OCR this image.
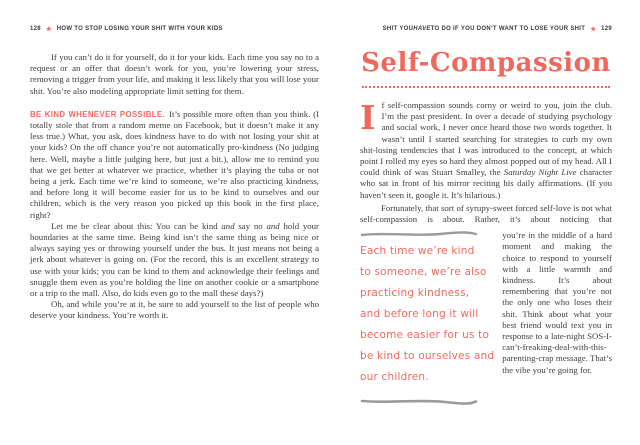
128 ★ HOW TO STOP LOSING YOUR SHIT WITH YOUR KIDS

If you can’t do it for yourself, do it for your kids. Each time you say no to a request or an offer that doesn’t work for you, you’re lowering your stress, removing a trigger from your life, and making it less likely that you will lose your shit. You’re also modeling appropriate limit setting for them.

BE KIND WHENEVER POSSIBLE. It’s possible more often than you think. (I totally stole that from a random meme on Facebook, but it doesn’t make it any less true.) What, you ask, does kindness have to do with not losing your shit at your kids? On the off chance you’re not automatically pro-kindness (No judging here. Well, maybe a little judging here, but just a bit.), allow me to remind you that we get better at whatever we practice, whether it’s playing the tuba or not being a jerk. Each time we’re kind to someone, we’re also practicing kindness, and before long it will become easier for us to be kind to ourselves and our children, which is the very reason you picked up this book in the first place, right?

Let me be clear about this: You can be kind and say no and hold your boundaries at the same time. Being kind isn’t the same thing as being nice or always saying yes or throwing yourself under the bus. It just means not being a jerk about whatever is going on. (For the record, this is an excellent strategy to use with your kids; you can be kind to them and acknowledge their feelings and snuggle them even as you’re holding the line on another cookie or a smartphone or a trip to the mall. Also, do kids even go to the mall these days?)

Oh, and while you’re at it, be sure to add yourself to the list of people who deserve your kindness. You’re worth it.

SHIT YOU HAVE TO DO IF YOU DON’T WANT TO LOSE YOUR SHIT ★ 129
Self-Compassion

If self-compassion sounds corny or weird to you, join the club. I’m the past president. In over a decade of studying psychology and social work, I never once heard those two words together. It wasn’t until I started searching for strategies to curb my own shit-losing tendencies that I was introduced to the concept, at which point I rolled my eyes so hard they almost popped out of my head. All I could think of was Stuart Smalley, the Saturday Night Live character who sat in front of his mirror reciting his daily affirmations. (If you haven’t seen it, google it. It’s hilarious.)

Fortunately, that sort of syrupy-sweet forced self-love is not what self-compassion is about. Rather, it’s about noticing that

Each time we’re kind
to someone, we’re also
practicing kindness,
and before long it will
become easier for us to
be kind to ourselves and
our children.

you’re in the middle of a hard moment and making the choice to respond to yourself with a little warmth and kindness. It’s about remembering that you’re not the only one who loses their shit. Think about what your best friend would text you in response to a late-night SOS-I-can’t-freaking-deal-with-this-parenting-crap message. That’s the vibe you’re going for.
